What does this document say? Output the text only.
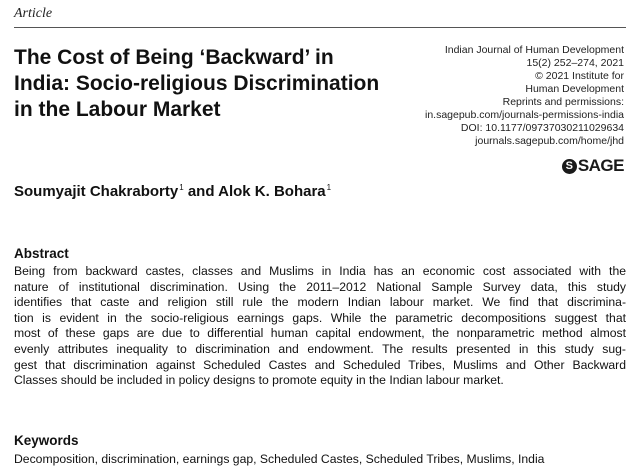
Article
The Cost of Being ‘Backward’ in
India: Socio-religious Discrimination
in the Labour Market
Indian Journal of Human Development
15(2) 252–274, 2021
© 2021 Institute for
Human Development
Reprints and permissions:
in.sagepub.com/journals-permissions-india
DOI: 10.1177/09737030211029634
journals.sagepub.com/home/jhd
S SAGE
Soumyajit Chakraborty$^1$ and Alok K. Bohara$^1$
Abstract
Being from backward castes, classes and Muslims in India has an economic cost associated with the
nature of institutional discrimination. Using the 2011–2012 National Sample Survey data, this study
identifies that caste and religion still rule the modern Indian labour market. We find that discrimina-
tion is evident in the socio-religious earnings gaps. While the parametric decompositions suggest that
most of these gaps are due to differential human capital endowment, the nonparametric method almost
evenly attributes inequality to discrimination and endowment. The results presented in this study sug-
gest that discrimination against Scheduled Castes and Scheduled Tribes, Muslims and Other Backward
Classes should be included in policy designs to promote equity in the Indian labour market.
Keywords
Decomposition, discrimination, earnings gap, Scheduled Castes, Scheduled Tribes, Muslims, India
